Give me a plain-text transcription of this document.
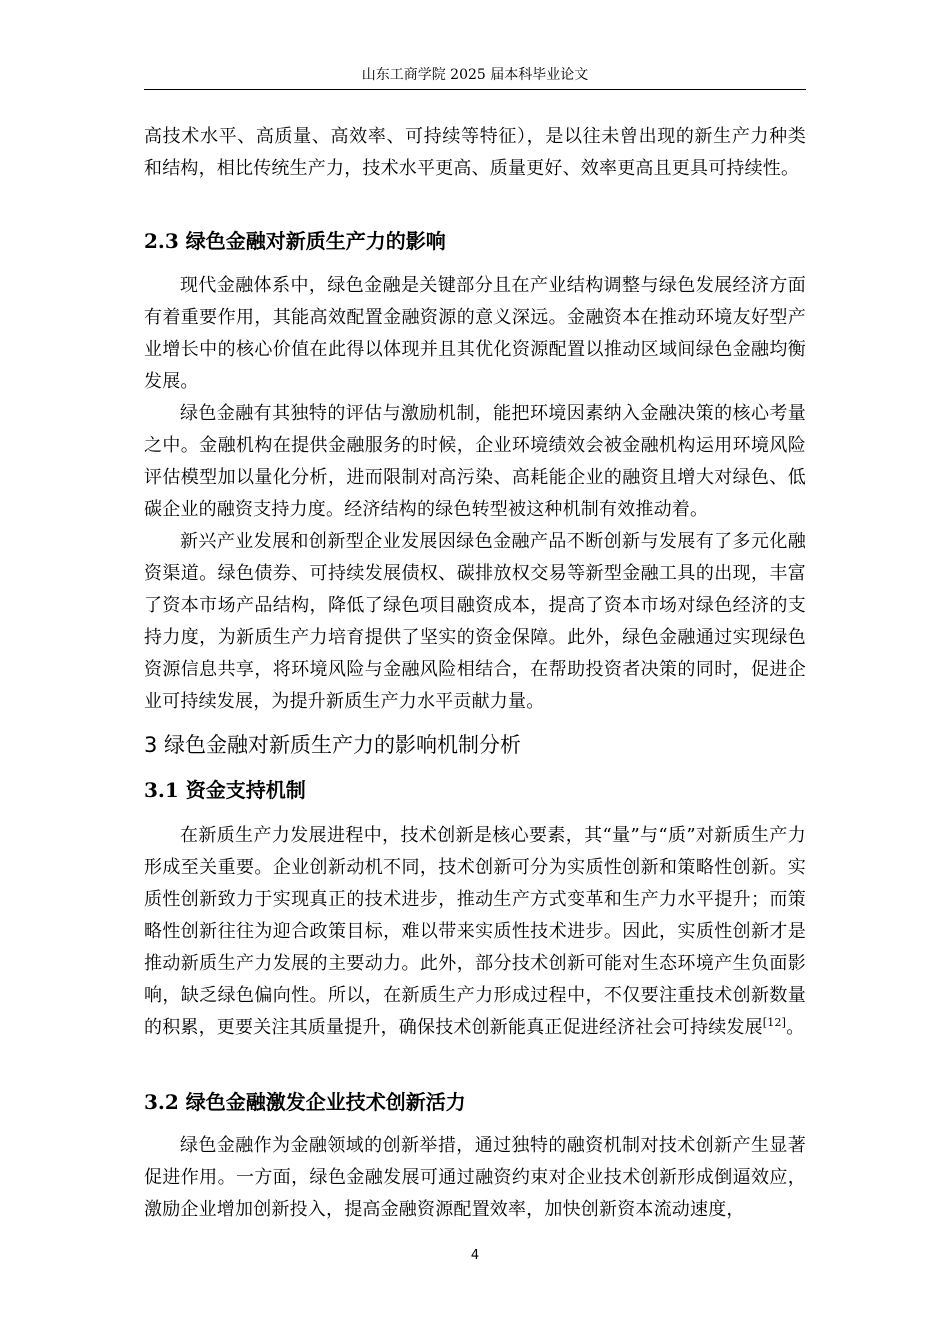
山东工商学院 2025 届本科毕业论文

高技术水平、高质量、高效率、可持续等特征），是以往未曾出现的新生产力种类和结构，相比传统生产力，技术水平更高、质量更好、效率更高且更具可持续性。

2.3 绿色金融对新质生产力的影响

现代金融体系中，绿色金融是关键部分且在产业结构调整与绿色发展经济方面有着重要作用，其能高效配置金融资源的意义深远。金融资本在推动环境友好型产业增长中的核心价值在此得以体现并且其优化资源配置以推动区域间绿色金融均衡发展。

绿色金融有其独特的评估与激励机制，能把环境因素纳入金融决策的核心考量之中。金融机构在提供金融服务的时候，企业环境绩效会被金融机构运用环境风险评估模型加以量化分析，进而限制对高污染、高耗能企业的融资且增大对绿色、低碳企业的融资支持力度。经济结构的绿色转型被这种机制有效推动着。

新兴产业发展和创新型企业发展因绿色金融产品不断创新与发展有了多元化融资渠道。绿色债券、可持续发展债权、碳排放权交易等新型金融工具的出现，丰富了资本市场产品结构，降低了绿色项目融资成本，提高了资本市场对绿色经济的支持力度，为新质生产力培育提供了坚实的资金保障。此外，绿色金融通过实现绿色资源信息共享，将环境风险与金融风险相结合，在帮助投资者决策的同时，促进企业可持续发展，为提升新质生产力水平贡献力量。

3 绿色金融对新质生产力的影响机制分析
3.1 资金支持机制

在新质生产力发展进程中，技术创新是核心要素，其“量”与“质”对新质生产力形成至关重要。企业创新动机不同，技术创新可分为实质性创新和策略性创新。实质性创新致力于实现真正的技术进步，推动生产方式变革和生产力水平提升；而策略性创新往往为迎合政策目标，难以带来实质性技术进步。因此，实质性创新才是推动新质生产力发展的主要动力。此外，部分技术创新可能对生态环境产生负面影响，缺乏绿色偏向性。所以，在新质生产力形成过程中，不仅要注重技术创新数量的积累，更要关注其质量提升，确保技术创新能真正促进经济社会可持续发展[12]。

3.2 绿色金融激发企业技术创新活力

绿色金融作为金融领域的创新举措，通过独特的融资机制对技术创新产生显著促进作用。一方面，绿色金融发展可通过融资约束对企业技术创新形成倒逼效应，激励企业增加创新投入，提高金融资源配置效率，加快创新资本流动速度，

4
